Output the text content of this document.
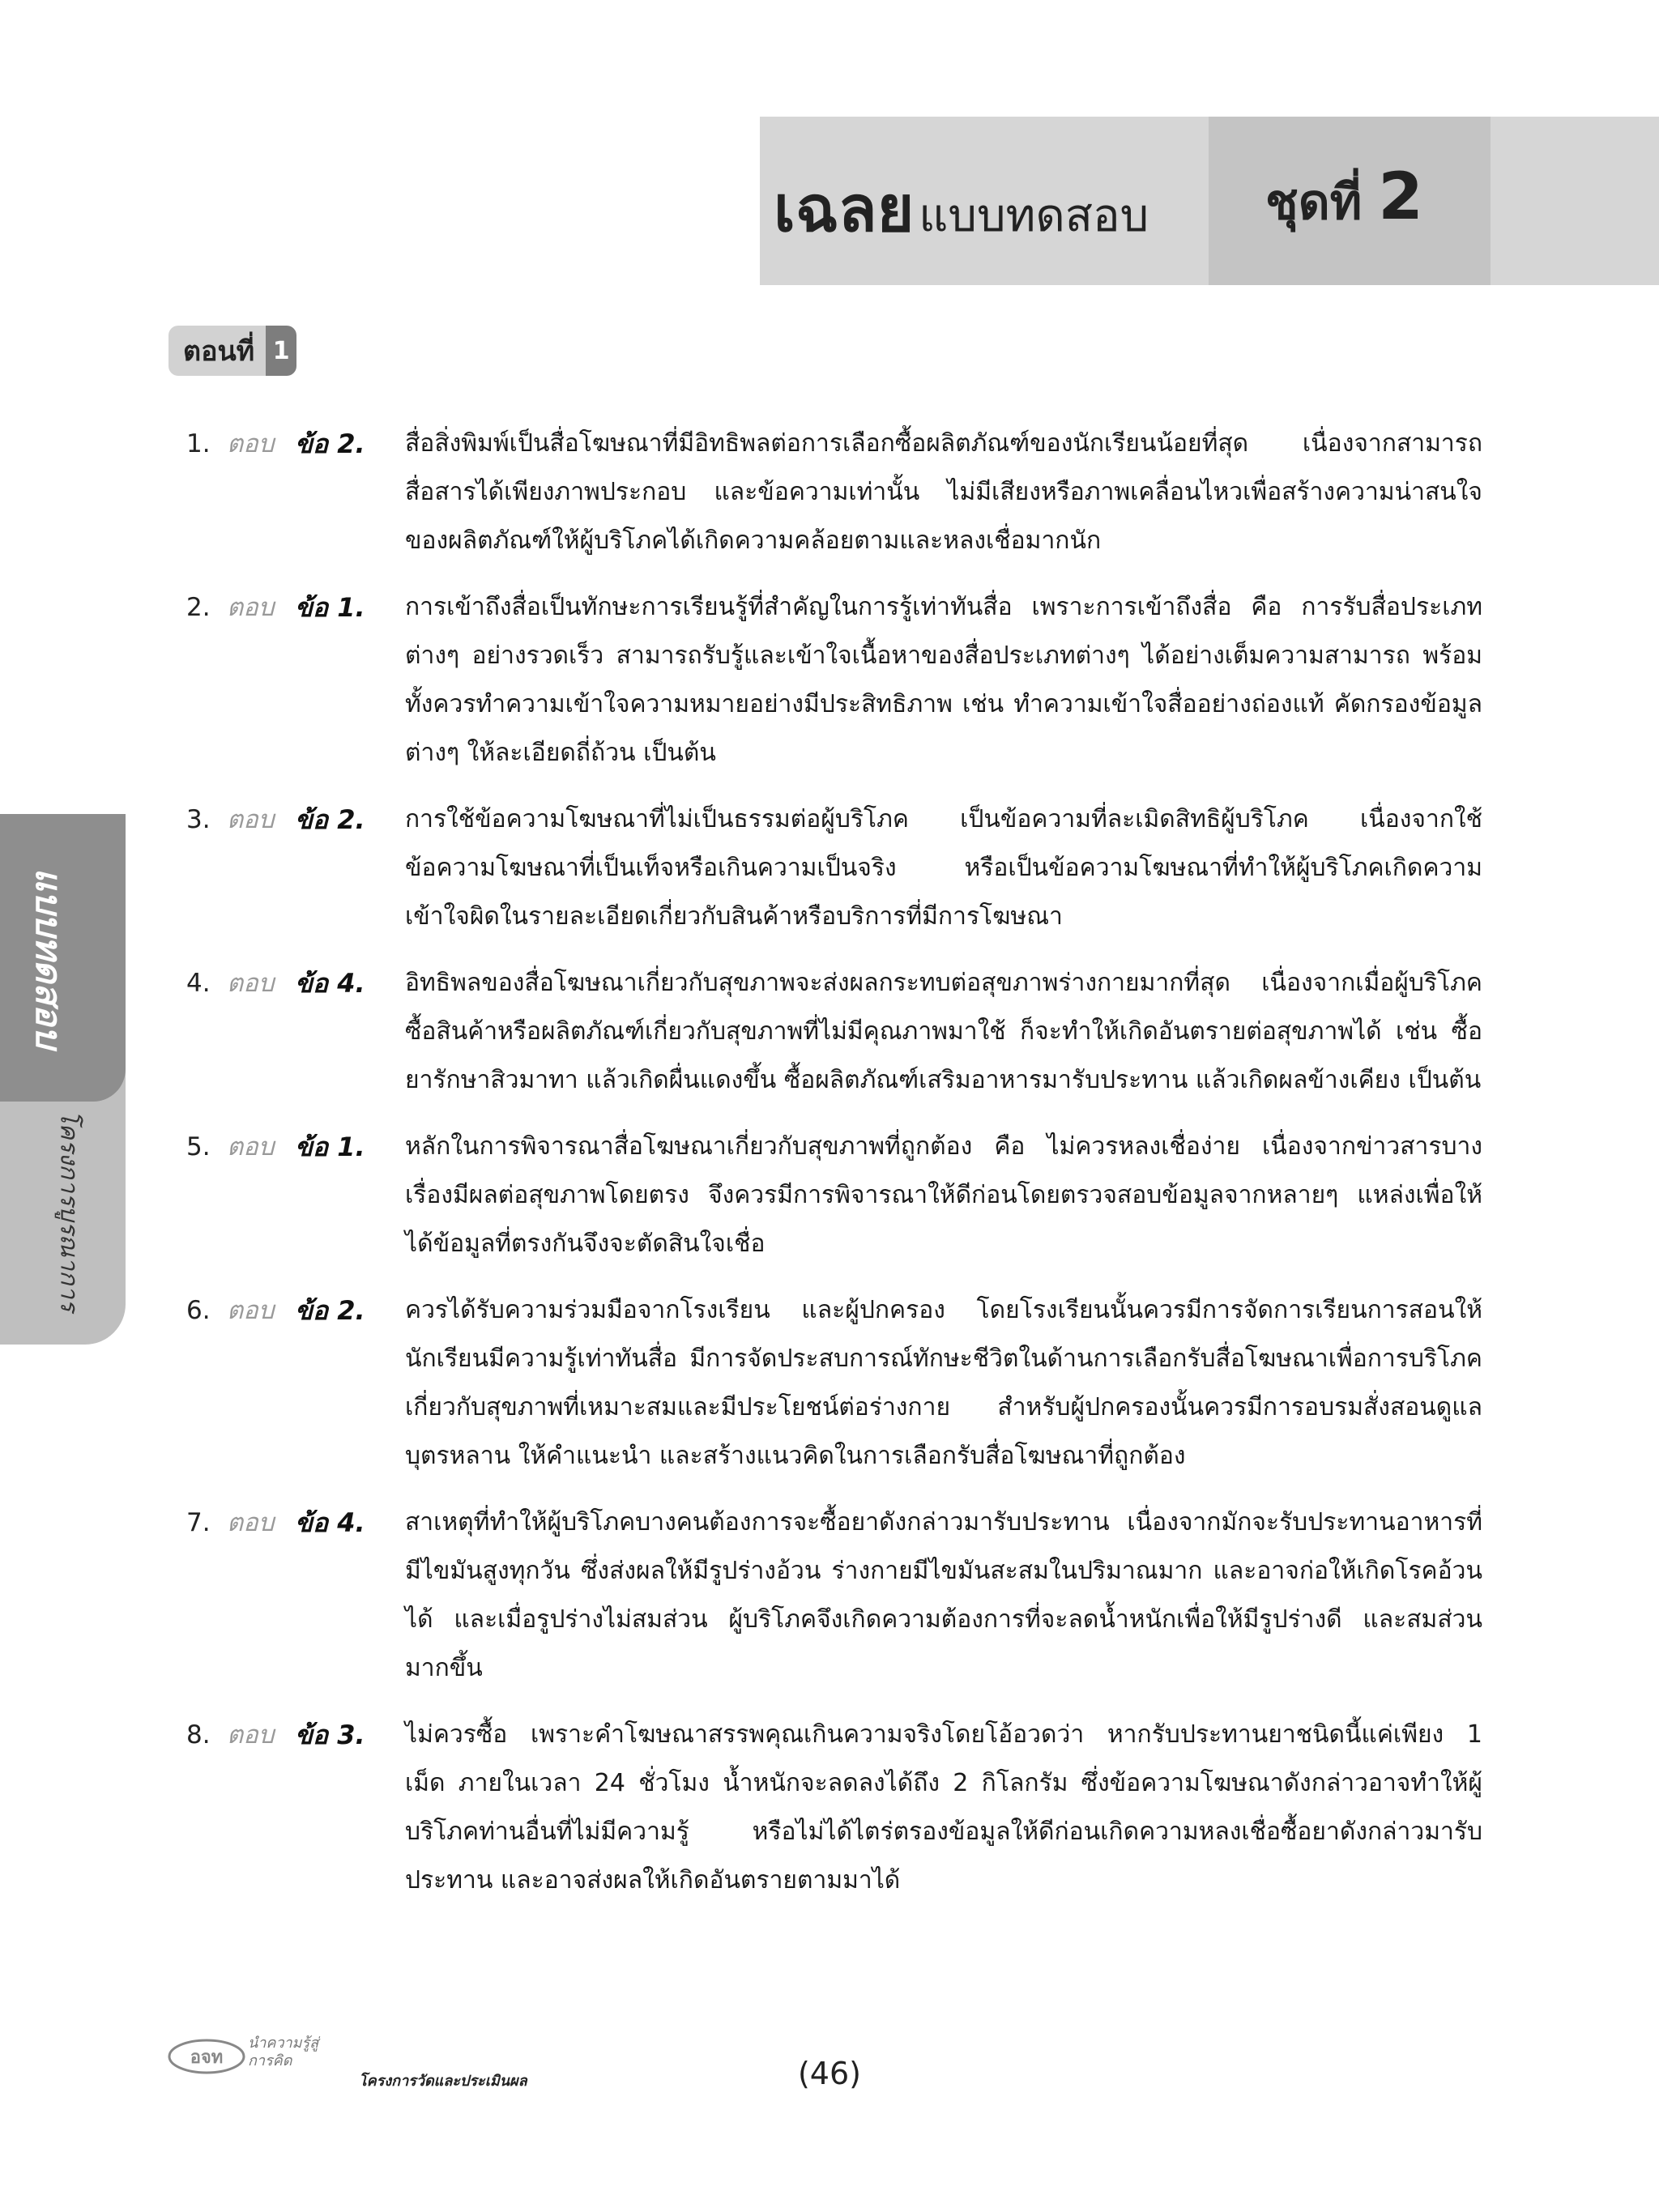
เฉลย แบบทดสอบ ชุดที่ 2
ตอนที่ 1
แบบทดสอบ
โครงการบูรณาการ
1. ตอบ ข้อ 2.	สื่อสิ่งพิมพ์เป็นสื่อโฆษณาที่มีอิทธิพลต่อการเลือกซื้อผลิตภัณฑ์ของนักเรียนน้อยที่สุด เนื่องจากสามารถสื่อสารได้เพียงภาพประกอบ และข้อความเท่านั้น ไม่มีเสียงหรือภาพเคลื่อนไหวเพื่อสร้างความน่าสนใจของผลิตภัณฑ์ให้ผู้บริโภคได้เกิดความคล้อยตามและหลงเชื่อมากนัก
2. ตอบ ข้อ 1.	การเข้าถึงสื่อเป็นทักษะการเรียนรู้ที่สำคัญในการรู้เท่าทันสื่อ เพราะการเข้าถึงสื่อ คือ การรับสื่อประเภทต่างๆ อย่างรวดเร็ว สามารถรับรู้และเข้าใจเนื้อหาของสื่อประเภทต่างๆ ได้อย่างเต็มความสามารถ พร้อมทั้งควรทำความเข้าใจความหมายอย่างมีประสิทธิภาพ เช่น ทำความเข้าใจสื่ออย่างถ่องแท้ คัดกรองข้อมูลต่างๆ ให้ละเอียดถี่ถ้วน เป็นต้น
3. ตอบ ข้อ 2.	การใช้ข้อความโฆษณาที่ไม่เป็นธรรมต่อผู้บริโภค เป็นข้อความที่ละเมิดสิทธิผู้บริโภค เนื่องจากใช้ข้อความโฆษณาที่เป็นเท็จหรือเกินความเป็นจริง หรือเป็นข้อความโฆษณาที่ทำให้ผู้บริโภคเกิดความเข้าใจผิดในรายละเอียดเกี่ยวกับสินค้าหรือบริการที่มีการโฆษณา
4. ตอบ ข้อ 4.	อิทธิพลของสื่อโฆษณาเกี่ยวกับสุขภาพจะส่งผลกระทบต่อสุขภาพร่างกายมากที่สุด เนื่องจากเมื่อผู้บริโภคซื้อสินค้าหรือผลิตภัณฑ์เกี่ยวกับสุขภาพที่ไม่มีคุณภาพมาใช้ ก็จะทำให้เกิดอันตรายต่อสุขภาพได้ เช่น ซื้อยารักษาสิวมาทา แล้วเกิดผื่นแดงขึ้น ซื้อผลิตภัณฑ์เสริมอาหารมารับประทาน แล้วเกิดผลข้างเคียง เป็นต้น
5. ตอบ ข้อ 1.	หลักในการพิจารณาสื่อโฆษณาเกี่ยวกับสุขภาพที่ถูกต้อง คือ ไม่ควรหลงเชื่อง่าย เนื่องจากข่าวสารบางเรื่องมีผลต่อสุขภาพโดยตรง จึงควรมีการพิจารณาให้ดีก่อนโดยตรวจสอบข้อมูลจากหลายๆ แหล่งเพื่อให้ได้ข้อมูลที่ตรงกันจึงจะตัดสินใจเชื่อ
6. ตอบ ข้อ 2.	ควรได้รับความร่วมมือจากโรงเรียน และผู้ปกครอง โดยโรงเรียนนั้นควรมีการจัดการเรียนการสอนให้นักเรียนมีความรู้เท่าทันสื่อ มีการจัดประสบการณ์ทักษะชีวิตในด้านการเลือกรับสื่อโฆษณาเพื่อการบริโภคเกี่ยวกับสุขภาพที่เหมาะสมและมีประโยชน์ต่อร่างกาย สำหรับผู้ปกครองนั้นควรมีการอบรมสั่งสอนดูแลบุตรหลาน ให้คำแนะนำ และสร้างแนวคิดในการเลือกรับสื่อโฆษณาที่ถูกต้อง
7. ตอบ ข้อ 4.	สาเหตุที่ทำให้ผู้บริโภคบางคนต้องการจะซื้อยาดังกล่าวมารับประทาน เนื่องจากมักจะรับประทานอาหารที่มีไขมันสูงทุกวัน ซึ่งส่งผลให้มีรูปร่างอ้วน ร่างกายมีไขมันสะสมในปริมาณมาก และอาจก่อให้เกิดโรคอ้วนได้ และเมื่อรูปร่างไม่สมส่วน ผู้บริโภคจึงเกิดความต้องการที่จะลดน้ำหนักเพื่อให้มีรูปร่างดี และสมส่วนมากขึ้น
8. ตอบ ข้อ 3.	ไม่ควรซื้อ เพราะคำโฆษณาสรรพคุณเกินความจริงโดยโอ้อวดว่า หากรับประทานยาชนิดนี้แค่เพียง 1 เม็ด ภายในเวลา 24 ชั่วโมง น้ำหนักจะลดลงได้ถึง 2 กิโลกรัม ซึ่งข้อความโฆษณาดังกล่าวอาจทำให้ผู้บริโภคท่านอื่นที่ไม่มีความรู้ หรือไม่ได้ไตร่ตรองข้อมูลให้ดีก่อนเกิดความหลงเชื่อซื้อยาดังกล่าวมารับประทาน และอาจส่งผลให้เกิดอันตรายตามมาได้
อจท
นำความรู้สู่การคิด
โครงการวัดและประเมินผล	(46)
